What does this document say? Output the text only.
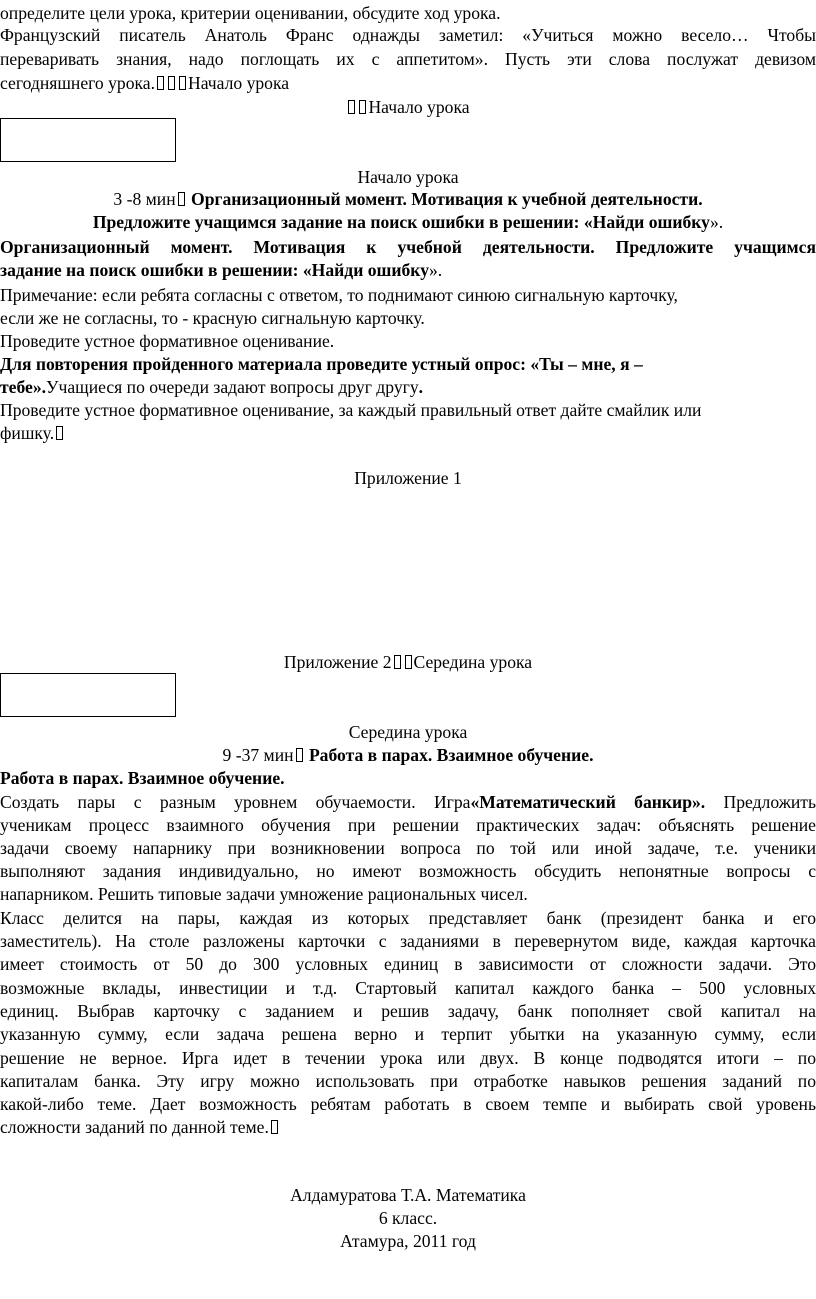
определите цели урока, критерии оценивании, обсудите ход урока.
Французский писатель Анатоль Франс однажды заметил: «Учиться можно весело… Чтобы
переваривать знания, надо поглощать их с аппетитом». Пусть эти слова послужат девизом
сегодняшнего урока. Начало урока
Начало урока
Начало урока
3 -8 мин Организационный момент. Мотивация к учебной деятельности.
Предложите учащимся задание на поиск ошибки в решении: «Найди ошибку».
Организационный момент. Мотивация к учебной деятельности. Предложите учащимся
задание на поиск ошибки в решении: «Найди ошибку».
Примечание: если ребята согласны с ответом, то поднимают синюю сигнальную карточку,
если же не согласны, то - красную сигнальную карточку.
Проведите устное формативное оценивание.
Для повторения пройденного материала проведите устный опрос: «Ты – мне, я –
тебе».Учащиеся по очереди задают вопросы друг другу.
Проведите устное формативное оценивание, за каждый правильный ответ дайте смайлик или
фишку.
Приложение 1
Приложение 2 Середина урока
Середина урока
9 -37 мин Работа в парах. Взаимное обучение.
Работа в парах. Взаимное обучение.
Создать пары с разным уровнем обучаемости. Игра«Математический банкир». Предложить
ученикам процесс взаимного обучения при решении практических задач: объяснять решение
задачи своему напарнику при возникновении вопроса по той или иной задаче, т.е. ученики
выполняют задания индивидуально, но имеют возможность обсудить непонятные вопросы с
напарником. Решить типовые задачи умножение рациональных чисел.
Класс делится на пары, каждая из которых представляет банк (президент банка и его
заместитель). На столе разложены карточки с заданиями в перевернутом виде, каждая карточка
имеет стоимость от 50 до 300 условных единиц в зависимости от сложности задачи. Это
возможные вклады, инвестиции и т.д. Стартовый капитал каждого банка – 500 условных
единиц. Выбрав карточку с заданием и решив задачу, банк пополняет свой капитал на
указанную сумму, если задача решена верно и терпит убытки на указанную сумму, если
решение не верное. Ирга идет в течении урока или двух. В конце подводятся итоги – по
капиталам банка. Эту игру можно использовать при отработке навыков решения заданий по
какой-либо теме. Дает возможность ребятам работать в своем темпе и выбирать свой уровень
сложности заданий по данной теме.
Алдамуратова Т.А. Математика
6 класс.
Атамура, 2011 год
